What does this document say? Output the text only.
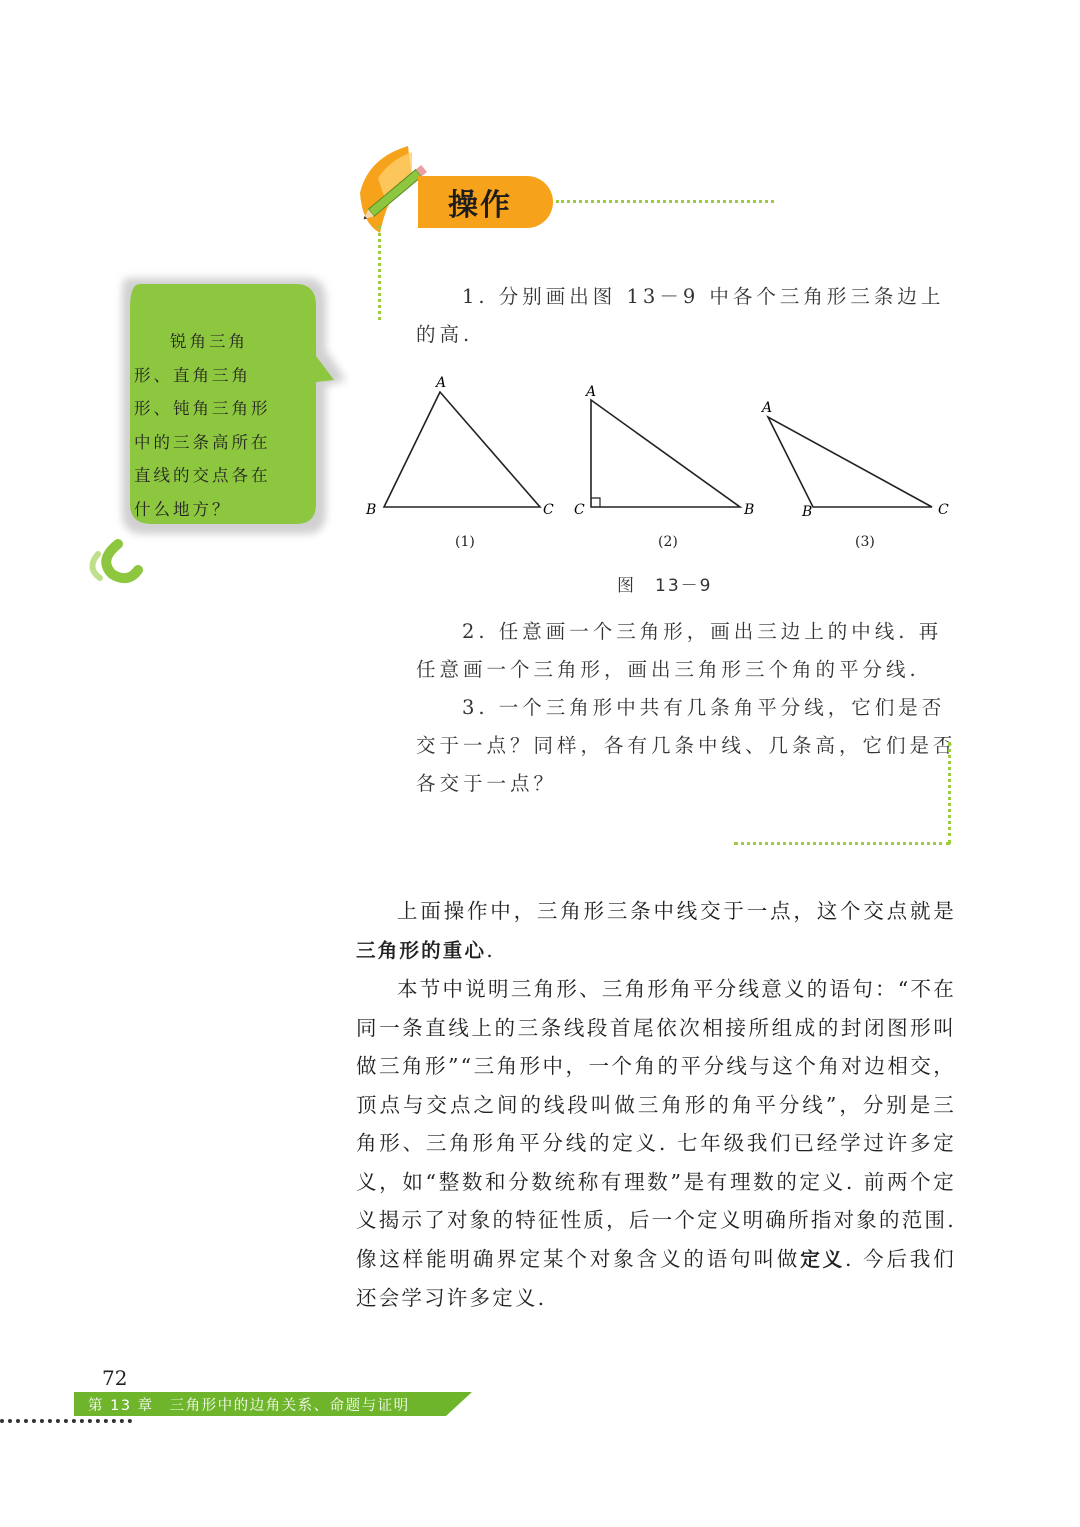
操作
锐角三角形、直角三角形、钝角三角形中的三条高所在直线的交点各在什么地方？
1. 分别画出图 13－9 中各个三角形三条边上
的高.
A
B	C
A
C	B
A
B	C
(1)	(2)	(3)
图　13－9
2. 任意画一个三角形，画出三边上的中线. 再
任意画一个三角形，画出三角形三个角的平分线.
3. 一个三角形中共有几条角平分线，它们是否
交于一点？同样，各有几条中线、几条高，它们是否
各交于一点？

上面操作中，三角形三条中线交于一点，这个交点就是三角形的重心.

本节中说明三角形、三角形角平分线意义的语句：“不在同一条直线上的三条线段首尾依次相接所组成的封闭图形叫做三角形”“三角形中，一个角的平分线与这个角对边相交，顶点与交点之间的线段叫做三角形的角平分线”，分别是三角形、三角形角平分线的定义. 七年级我们已经学过许多定义，如“整数和分数统称有理数”是有理数的定义. 前两个定义揭示了对象的特征性质，后一个定义明确所指对象的范围. 像这样能明确界定某个对象含义的语句叫做定义. 今后我们还会学习许多定义.

72
第 13 章　三角形中的边角关系、命题与证明
